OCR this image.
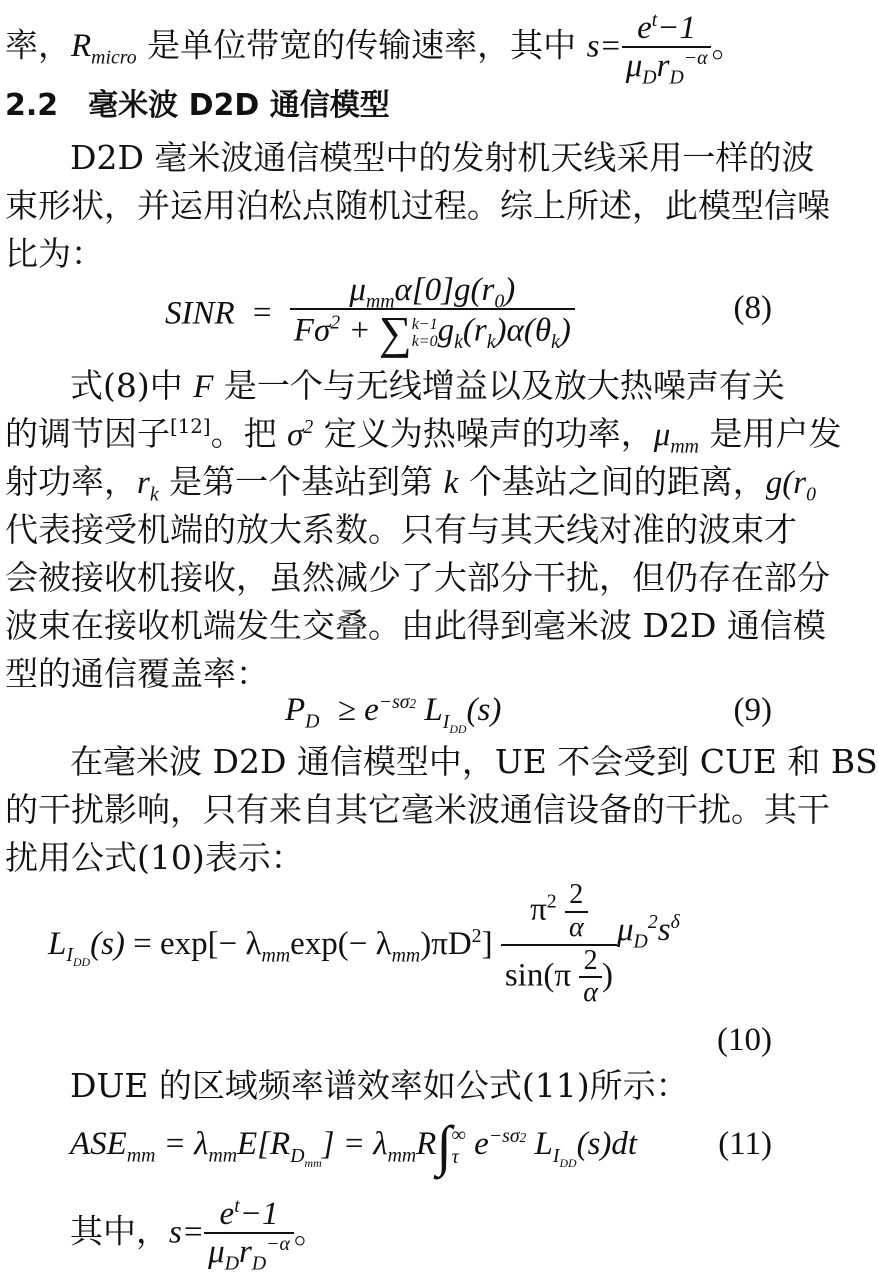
率，$R_{micro}$ 是单位带宽的传输速率，其中 $s= \frac{e^t-1}{\mu_Dr_D^{-\alpha}}$ 。
2.2　毫米波 D2D 通信模型
D2D 毫米波通信模型中的发射机天线采用一样的波
束形状，并运用泊松点随机过程。综上所述，此模型信噪
比为：
SINR = $\mu_{mm}\alpha[0]g(r_0)$
$F\sigma^2$ + ∑ k−1
k=0 $g_k(r_k)\alpha(\theta_k)$	(8)
式(8)中 F 是一个与无线增益以及放大热噪声有关
的调节因子[12]。把 $\sigma^2$ 定义为热噪声的功率，$\mu_{mm}$ 是用户发
射功率，$r_k$ 是第一个基站到第 k 个基站之间的距离，$g(r_0$
代表接受机端的放大系数。只有与其天线对准的波束才
会被接收机接收，虽然减少了大部分干扰，但仍存在部分
波束在接收机端发生交叠。由此得到毫米波 D2D 通信模
型的通信覆盖率：
$P_D \ge e^{-s\sigma 2}$ $L_{I_{DD}}(s)$	(9)
在毫米波 D2D 通信模型中，UE 不会受到 CUE 和 BS
的干扰影响，只有来自其它毫米波通信设备的干扰。其干
扰用公式(10)表示：
$L_{I_{DD}}(s) = \exp[- \lambda_{mm}\exp(- \lambda_{mm})\pi D^2] \frac{\pi^2 \frac{2}{\alpha}}{\sin(\pi \frac{2}{\alpha} )} \mu_D^2s^\delta$
(10)
DUE 的区域频率谱效率如公式(11)所示：
$ASE_{mm} = \lambda_{mm}E[R_{D_{mm}}] = \lambda_{mm}R\int$ ∞
τ $e^{-s\sigma 2}$ $L_{I_{DD}}(s)dt$ (11)
其中，$s= \frac{e^t-1}{\mu_Dr_D^{-\alpha}}$ 。
